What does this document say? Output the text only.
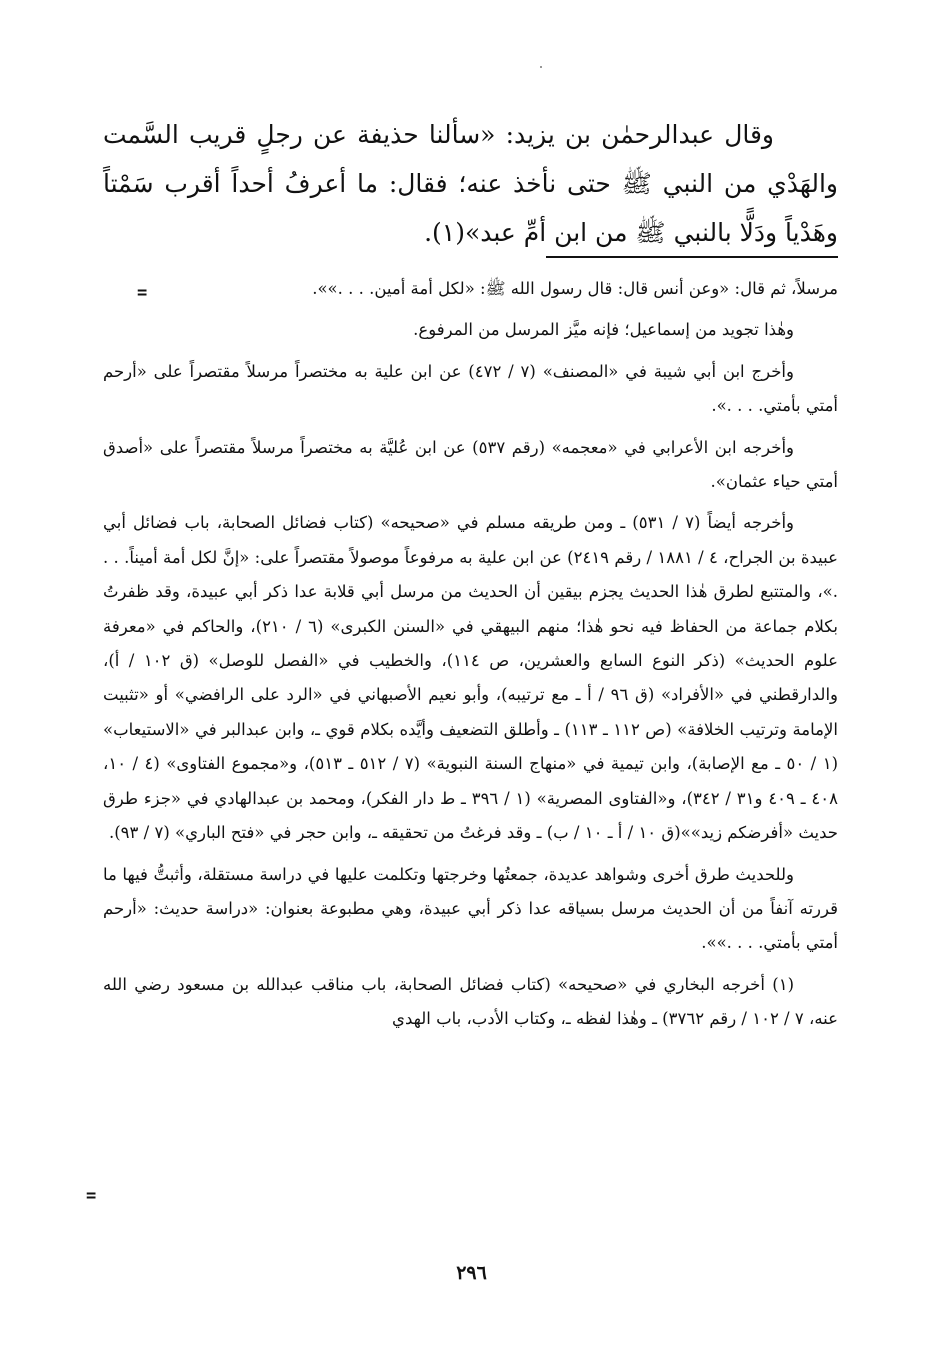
وقال عبدالرحمٰن بن يزيد: «سألنا حذيفة عن رجلٍ قريب السَّمت والهَدْي من النبي ﷺ حتى نأخذ عنه؛ فقال: ما أعرفُ أحداً أقرب سَمْتاً وهَدْياً ودَلًّا بالنبي ﷺ من ابن أمِّ عبد»(١).

=	مرسلاً، ثم قال: «وعن أنس قال: قال رسول الله ﷺ: «لكل أمة أمين. . . .»».

وهٰذا تجويد من إسماعيل؛ فإنه ميَّز المرسل من المرفوع.

وأخرج ابن أبي شيبة في «المصنف» (٧ / ٤٧٢) عن ابن علية به مختصراً مرسلاً مقتصراً على «أرحم أمتي بأمتي. . . .».

وأخرجه ابن الأعرابي في «معجمه» (رقم ٥٣٧) عن ابن عُليَّة به مختصراً مرسلاً مقتصراً على «أصدق أمتي حياء عثمان».

وأخرجه أيضاً (٧ / ٥٣١) ـ ومن طريقه مسلم في «صحيحه» (كتاب فضائل الصحابة، باب فضائل أبي عبيدة بن الجراح، ٤ / ١٨٨١ / رقم ٢٤١٩) عن ابن علية به مرفوعاً موصولاً مقتصراً على: «إنَّ لكل أمة أميناً. . . .»، والمتتبع لطرق هٰذا الحديث يجزم بيقين أن الحديث من مرسل أبي قلابة عدا ذكر أبي عبيدة، وقد ظفرتُ بكلام جماعة من الحفاظ فيه نحو هٰذا؛ منهم البيهقي في «السنن الكبرى» (٦ / ٢١٠)، والحاكم في «معرفة علوم الحديث» (ذكر النوع السابع والعشرين، ص ١١٤)، والخطيب في «الفصل للوصل» (ق ١٠٢ / أ)، والدارقطني في «الأفراد» (ق ٩٦ / أ ـ مع ترتيبه)، وأبو نعيم الأصبهاني في «الرد على الرافضي» أو «تثبيت الإمامة وترتيب الخلافة» (ص ١١٢ ـ ١١٣) ـ وأطلق التضعيف وأيَّده بكلام قوي ـ، وابن عبدالبر في «الاستيعاب» (١ / ٥٠ ـ مع الإصابة)، وابن تيمية في «منهاج السنة النبوية» (٧ / ٥١٢ ـ ٥١٣)، و«مجموع الفتاوى» (٤ / ١٠، ٤٠٨ ـ ٤٠٩ و٣١ / ٣٤٢)، و«الفتاوى المصرية» (١ / ٣٩٦ ـ ط دار الفكر)، ومحمد بن عبدالهادي في «جزء طرق حديث «أفرضكم زيد»»(ق ١٠ / أ ـ ١٠ / ب) ـ وقد فرغتُ من تحقيقه ـ، وابن حجر في «فتح الباري» (٧ / ٩٣).

وللحديث طرق أخرى وشواهد عديدة، جمعتُها وخرجتها وتكلمت عليها في دراسة مستقلة، وأثبتُّ فيها ما قررته آنفاً من أن الحديث مرسل بسياقه عدا ذكر أبي عبيدة، وهي مطبوعة بعنوان: «دراسة حديث: «أرحم أمتي بأمتي. . . .»».

(١) أخرجه البخاري في «صحيحه» (كتاب فضائل الصحابة، باب مناقب عبدالله بن مسعود رضي الله عنه، ٧ / ١٠٢ / رقم ٣٧٦٢) ـ وهٰذا لفظه ـ، وكتاب الأدب، باب الهدي

=
٢٩٦
